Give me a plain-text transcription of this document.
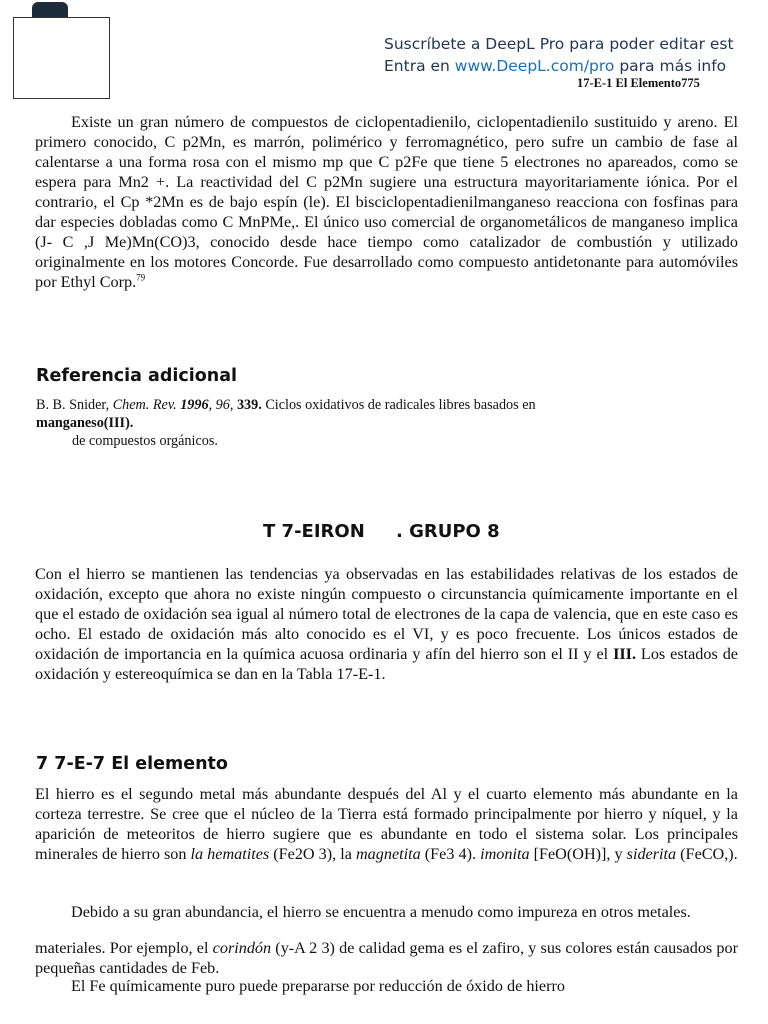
Suscríbete a DeepL Pro para poder editar est
Entra en www.DeepL.com/pro para más info
17-E-1 El Elemento775

Existe un gran número de compuestos de ciclopentadienilo, ciclopentadienilo sustituido y areno. El primero conocido, C p2Mn, es marrón, polimérico y ferromagnético, pero sufre un cambio de fase al calentarse a una forma rosa con el mismo mp que C p2Fe que tiene 5 electrones no apareados, como se espera para Mn2 +. La reactividad del C p2Mn sugiere una estructura mayoritariamente iónica. Por el contrario, el Cp *2Mn es de bajo espín (le). El bisciclopentadienilmanganeso reacciona con fosfinas para dar especies dobladas como C MnPMe,. El único uso comercial de organometálicos de manganeso implica (J- C ,J Me)Mn(CO)3, conocido desde hace tiempo como catalizador de combustión y utilizado originalmente en los motores Concorde. Fue desarrollado como compuesto antidetonante para automóviles por Ethyl Corp.$^{79}$

Referencia adicional
B. B. Snider, Chem. Rev. 1996, 96, 339. Ciclos oxidativos de radicales libres basados en
manganeso(III).
de compuestos orgánicos.
T 7-EIRON . GRUPO 8

Con el hierro se mantienen las tendencias ya observadas en las estabilidades relativas de los estados de oxidación, excepto que ahora no existe ningún compuesto o circunstancia químicamente importante en el que el estado de oxidación sea igual al número total de electrones de la capa de valencia, que en este caso es ocho. El estado de oxidación más alto conocido es el VI, y es poco frecuente. Los únicos estados de oxidación de importancia en la química acuosa ordinaria y afín del hierro son el II y el III. Los estados de oxidación y estereoquímica se dan en la Tabla 17-E-1.

7 7-E-7 El elemento

El hierro es el segundo metal más abundante después del Al y el cuarto elemento más abundante en la corteza terrestre. Se cree que el núcleo de la Tierra está formado principalmente por hierro y níquel, y la aparición de meteoritos de hierro sugiere que es abundante en todo el sistema solar. Los principales minerales de hierro son la hematites (Fe2O 3), la magnetita (Fe3 4). imonita [FeO(OH)], y siderita (FeCO,).

Debido a su gran abundancia, el hierro se encuentra a menudo como impureza en otros metales.

materiales. Por ejemplo, el corindón (y-A 2 3) de calidad gema es el zafiro, y sus colores están causados por pequeñas cantidades de Feb.

El Fe químicamente puro puede prepararse por reducción de óxido de hierro
